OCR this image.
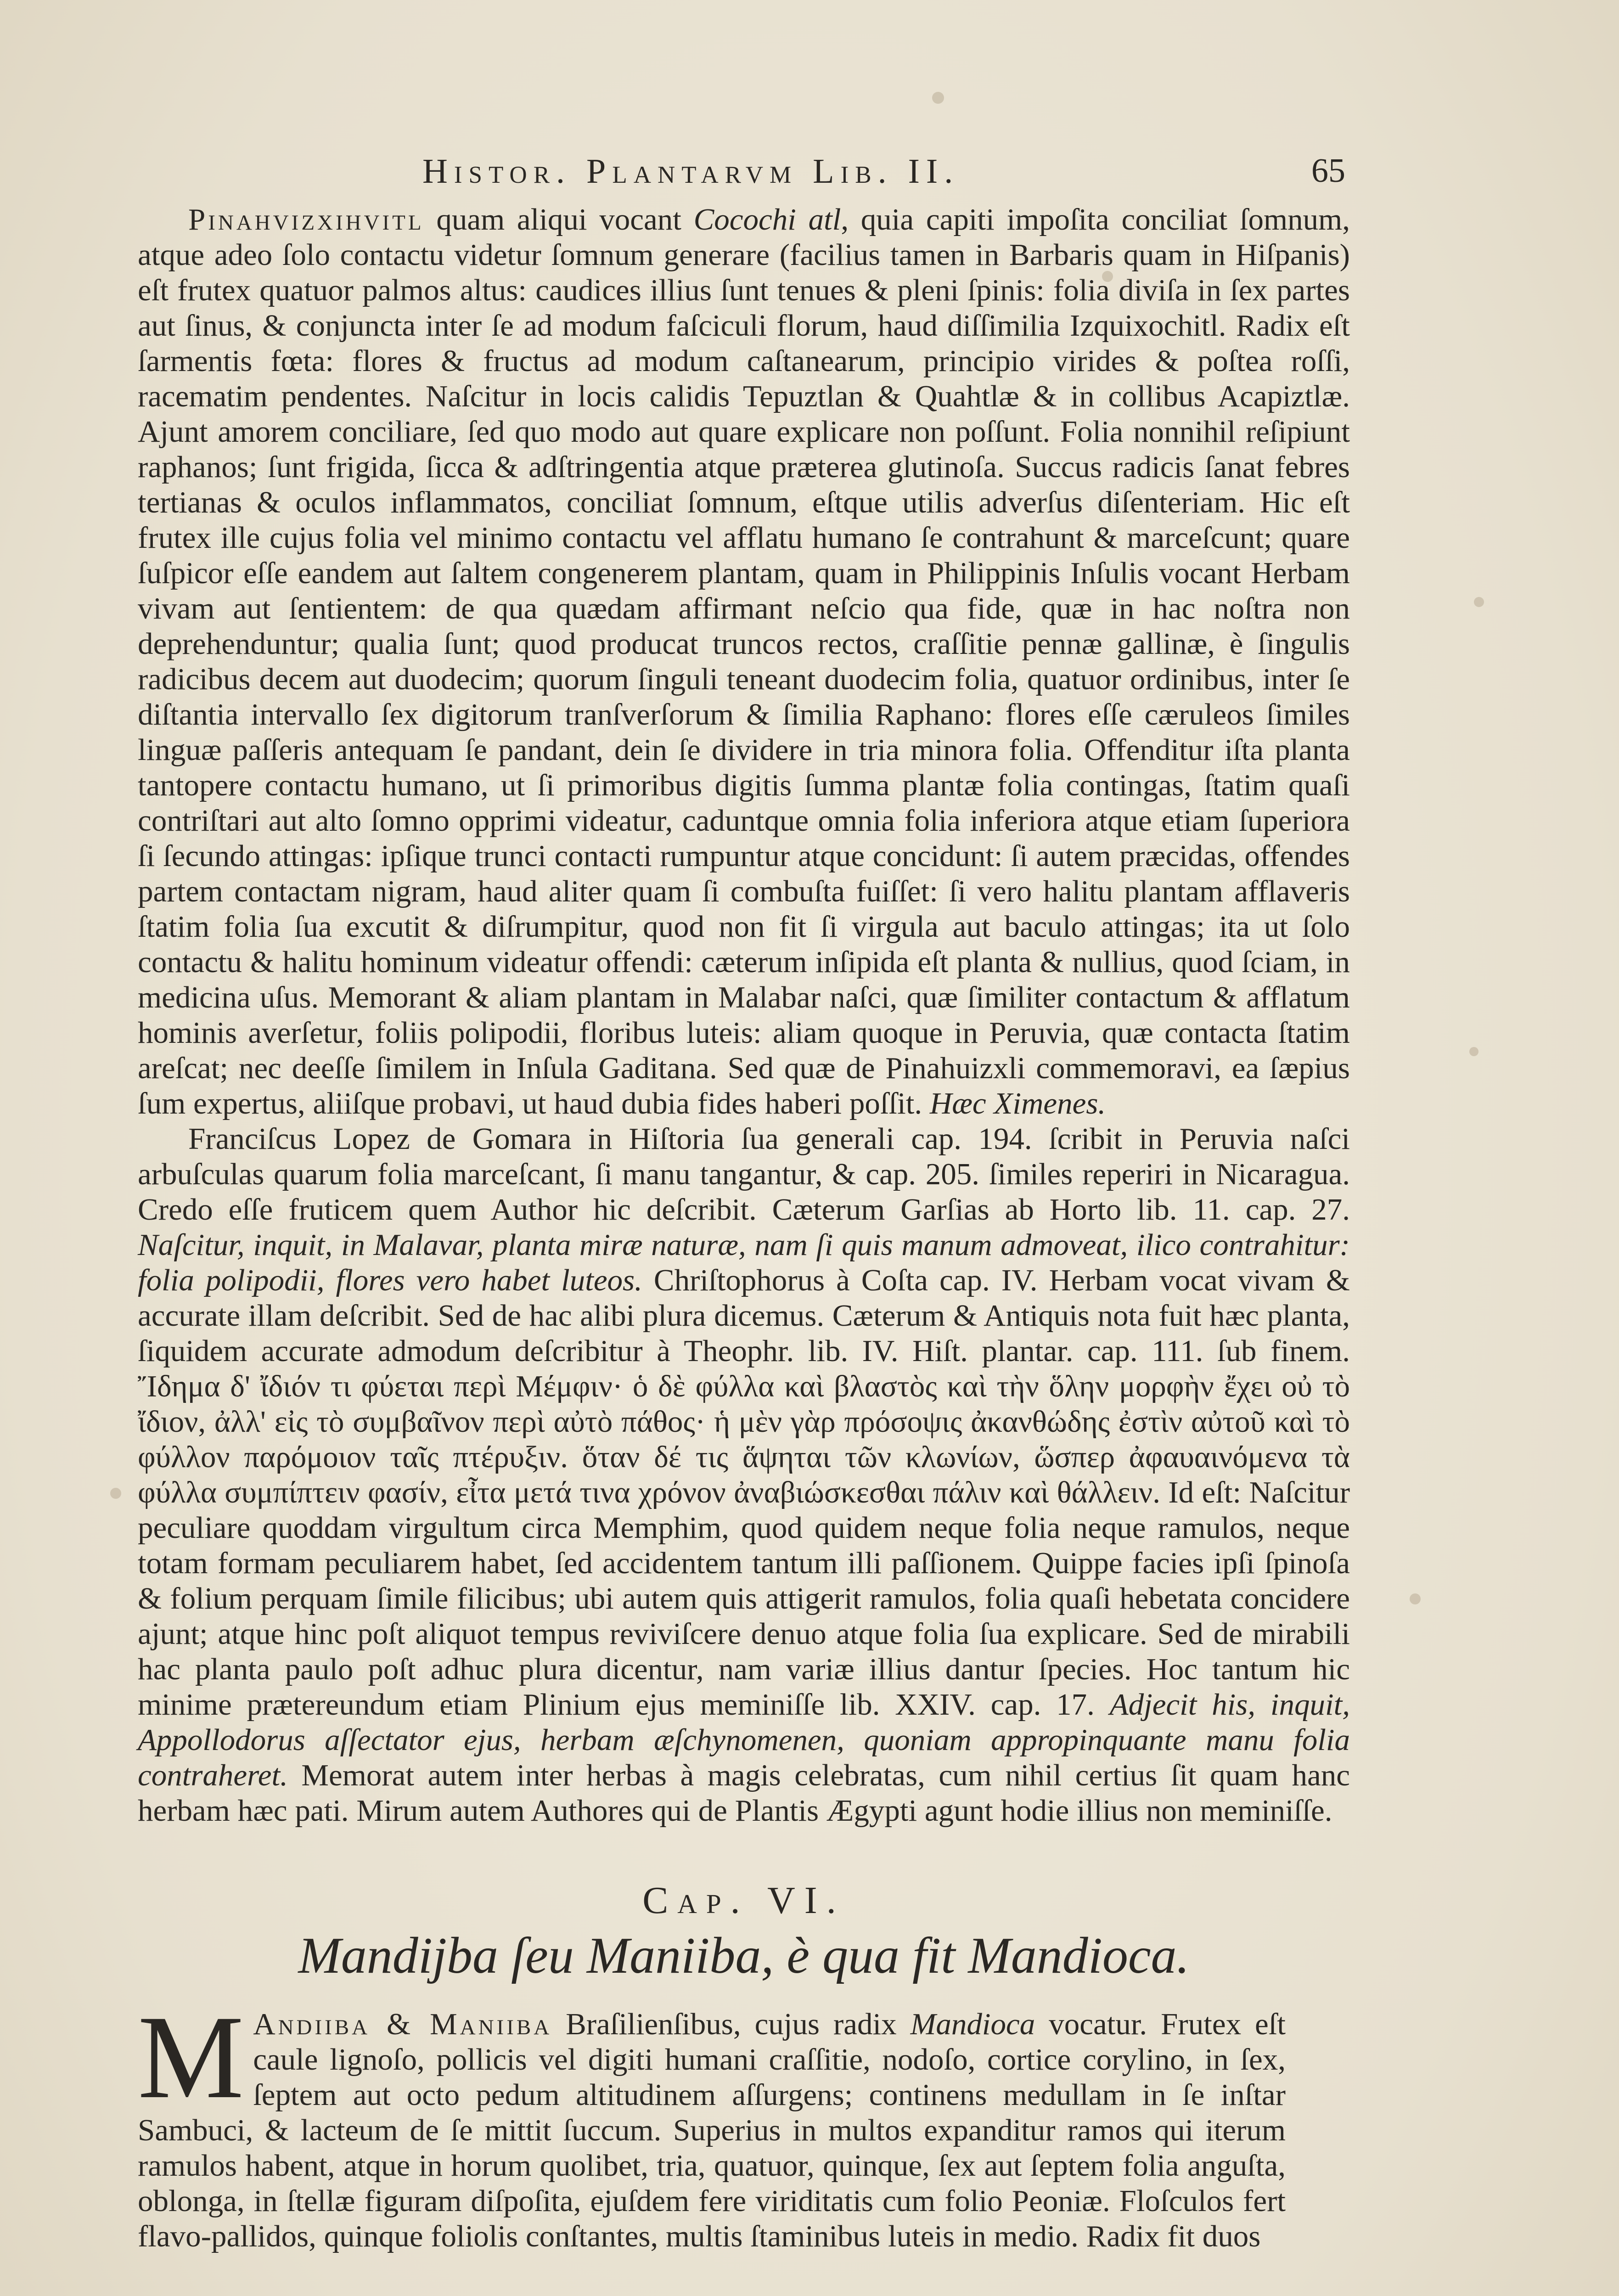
Histor. Plantarvm Lib. II.	65

Pinahvizxihvitl quam aliqui vocant Cocochi atl, quia capiti impoſita conciliat ſomnum, atque adeo ſolo contactu videtur ſomnum generare (facilius tamen in Barbaris quam in Hiſpanis) eſt frutex quatuor palmos altus: caudices illius ſunt tenues & pleni ſpinis: folia diviſa in ſex partes aut ſinus, & conjuncta inter ſe ad modum faſciculi florum, haud diſſimilia Izquixochitl. Radix eſt ſarmentis fœta: flores & fructus ad modum caſtanearum, principio virides & poſtea roſſi, racematim pendentes. Naſcitur in locis calidis Tepuztlan & Quahtlæ & in collibus Acapiztlæ. Ajunt amorem conciliare, ſed quo modo aut quare explicare non poſſunt. Folia nonnihil reſipiunt raphanos; ſunt frigida, ſicca & adſtringentia atque præterea glutinoſa. Succus radicis ſanat febres tertianas & oculos inflammatos, conciliat ſomnum, eſtque utilis adverſus diſenteriam. Hic eſt frutex ille cujus folia vel minimo contactu vel afflatu humano ſe contrahunt & marceſcunt; quare ſuſpicor eſſe eandem aut ſaltem congenerem plantam, quam in Philippinis Inſulis vocant Herbam vivam aut ſentientem: de qua quædam affirmant neſcio qua fide, quæ in hac noſtra non deprehenduntur; qualia ſunt; quod producat truncos rectos, craſſitie pennæ gallinæ, è ſingulis radicibus decem aut duodecim; quorum ſinguli teneant duodecim folia, quatuor ordinibus, inter ſe diſtantia intervallo ſex digitorum tranſverſorum & ſimilia Raphano: flores eſſe cæruleos ſimiles linguæ paſſeris antequam ſe pandant, dein ſe dividere in tria minora folia. Offenditur iſta planta tantopere contactu humano, ut ſi primoribus digitis ſumma plantæ folia contingas, ſtatim quaſi contriſtari aut alto ſomno opprimi videatur, caduntque omnia folia inferiora atque etiam ſuperiora ſi ſecundo attingas: ipſique trunci contacti rumpuntur atque concidunt: ſi autem præcidas, offendes partem contactam nigram, haud aliter quam ſi combuſta fuiſſet: ſi vero halitu plantam afflaveris ſtatim folia ſua excutit & diſrumpitur, quod non fit ſi virgula aut baculo attingas; ita ut ſolo contactu & halitu hominum videatur offendi: cæterum inſipida eſt planta & nullius, quod ſciam, in medicina uſus. Memorant & aliam plantam in Malabar naſci, quæ ſimiliter contactum & afflatum hominis averſetur, foliis polipodii, floribus luteis: aliam quoque in Peruvia, quæ contacta ſtatim areſcat; nec deeſſe ſimilem in Inſula Gaditana. Sed quæ de Pinahuizxli commemoravi, ea ſæpius ſum expertus, aliiſque probavi, ut haud dubia fides haberi poſſit. Hæc Ximenes.

Franciſcus Lopez de Gomara in Hiſtoria ſua generali cap. 194. ſcribit in Peruvia naſci arbuſculas quarum folia marceſcant, ſi manu tangantur, & cap. 205. ſimiles reperiri in Nicaragua. Credo eſſe fruticem quem Author hic deſcribit. Cæterum Garſias ab Horto lib. 11. cap. 27. Naſcitur, inquit, in Malavar, planta miræ naturæ, nam ſi quis manum admoveat, ilico contrahitur: folia polipodii, flores vero habet luteos. Chriſtophorus à Coſta cap. IV. Herbam vocat vivam & accurate illam deſcribit. Sed de hac alibi plura dicemus. Cæterum & Antiquis nota fuit hæc planta, ſiquidem accurate admodum deſcribitur à Theophr. lib. IV. Hiſt. plantar. cap. 111. ſub finem. Ἴδημα δ' ἴδιόν τι φύεται περὶ Μέμφιν· ὁ δὲ φύλλα καὶ βλαστὸς καὶ τὴν ὅλην μορφὴν ἔχει οὐ τὸ ἴδιον, ἀλλ' εἰς τὸ συμβαῖνον περὶ αὐτὸ πάθος· ἡ μὲν γὰρ πρόσοψις ἀκανθώδης ἐστὶν αὐτοῦ καὶ τὸ φύλλον παρόμοιον ταῖς πτέρυξιν. ὅταν δέ τις ἅψηται τῶν κλωνίων, ὥσπερ ἀφαυαινόμενα τὰ φύλλα συμπίπτειν φασίν, εἶτα μετά τινα χρόνον ἀναβιώσκεσθαι πάλιν καὶ θάλλειν. Id eſt: Naſcitur peculiare quoddam virgultum circa Memphim, quod quidem neque folia neque ramulos, neque totam formam peculiarem habet, ſed accidentem tantum illi paſſionem. Quippe facies ipſi ſpinoſa & folium perquam ſimile filicibus; ubi autem quis attigerit ramulos, folia quaſi hebetata concidere ajunt; atque hinc poſt aliquot tempus reviviſcere denuo atque folia ſua explicare. Sed de mirabili hac planta paulo poſt adhuc plura dicentur, nam variæ illius dantur ſpecies. Hoc tantum hic minime prætereundum etiam Plinium ejus meminiſſe lib. XXIV. cap. 17. Adjecit his, inquit, Appollodorus aſſectator ejus, herbam æſchynomenen, quoniam appropinquante manu folia contraheret. Memorat autem inter herbas à magis celebratas, cum nihil certius ſit quam hanc herbam hæc pati. Mirum autem Authores qui de Plantis Ægypti agunt hodie illius non meminiſſe.

Cap. VI.
Mandijba ſeu Maniiba, è qua fit Mandioca.

M Andiiba & Maniiba Braſilienſibus, cujus radix Mandioca vocatur. Frutex eſt caule lignoſo, pollicis vel digiti humani craſſitie, nodoſo, cortice corylino, in ſex, ſeptem aut octo pedum altitudinem aſſurgens; continens medullam in ſe inſtar Sambuci, & lacteum de ſe mittit ſuccum. Superius in multos expanditur ramos qui iterum ramulos habent, atque in horum quolibet, tria, quatuor, quinque, ſex aut ſeptem folia anguſta, oblonga, in ſtellæ figuram diſpoſita, ejuſdem fere viriditatis cum folio Peoniæ. Floſculos fert flavo-pallidos, quinque foliolis conſtantes, multis ſtaminibus luteis in medio. Radix fit duos
